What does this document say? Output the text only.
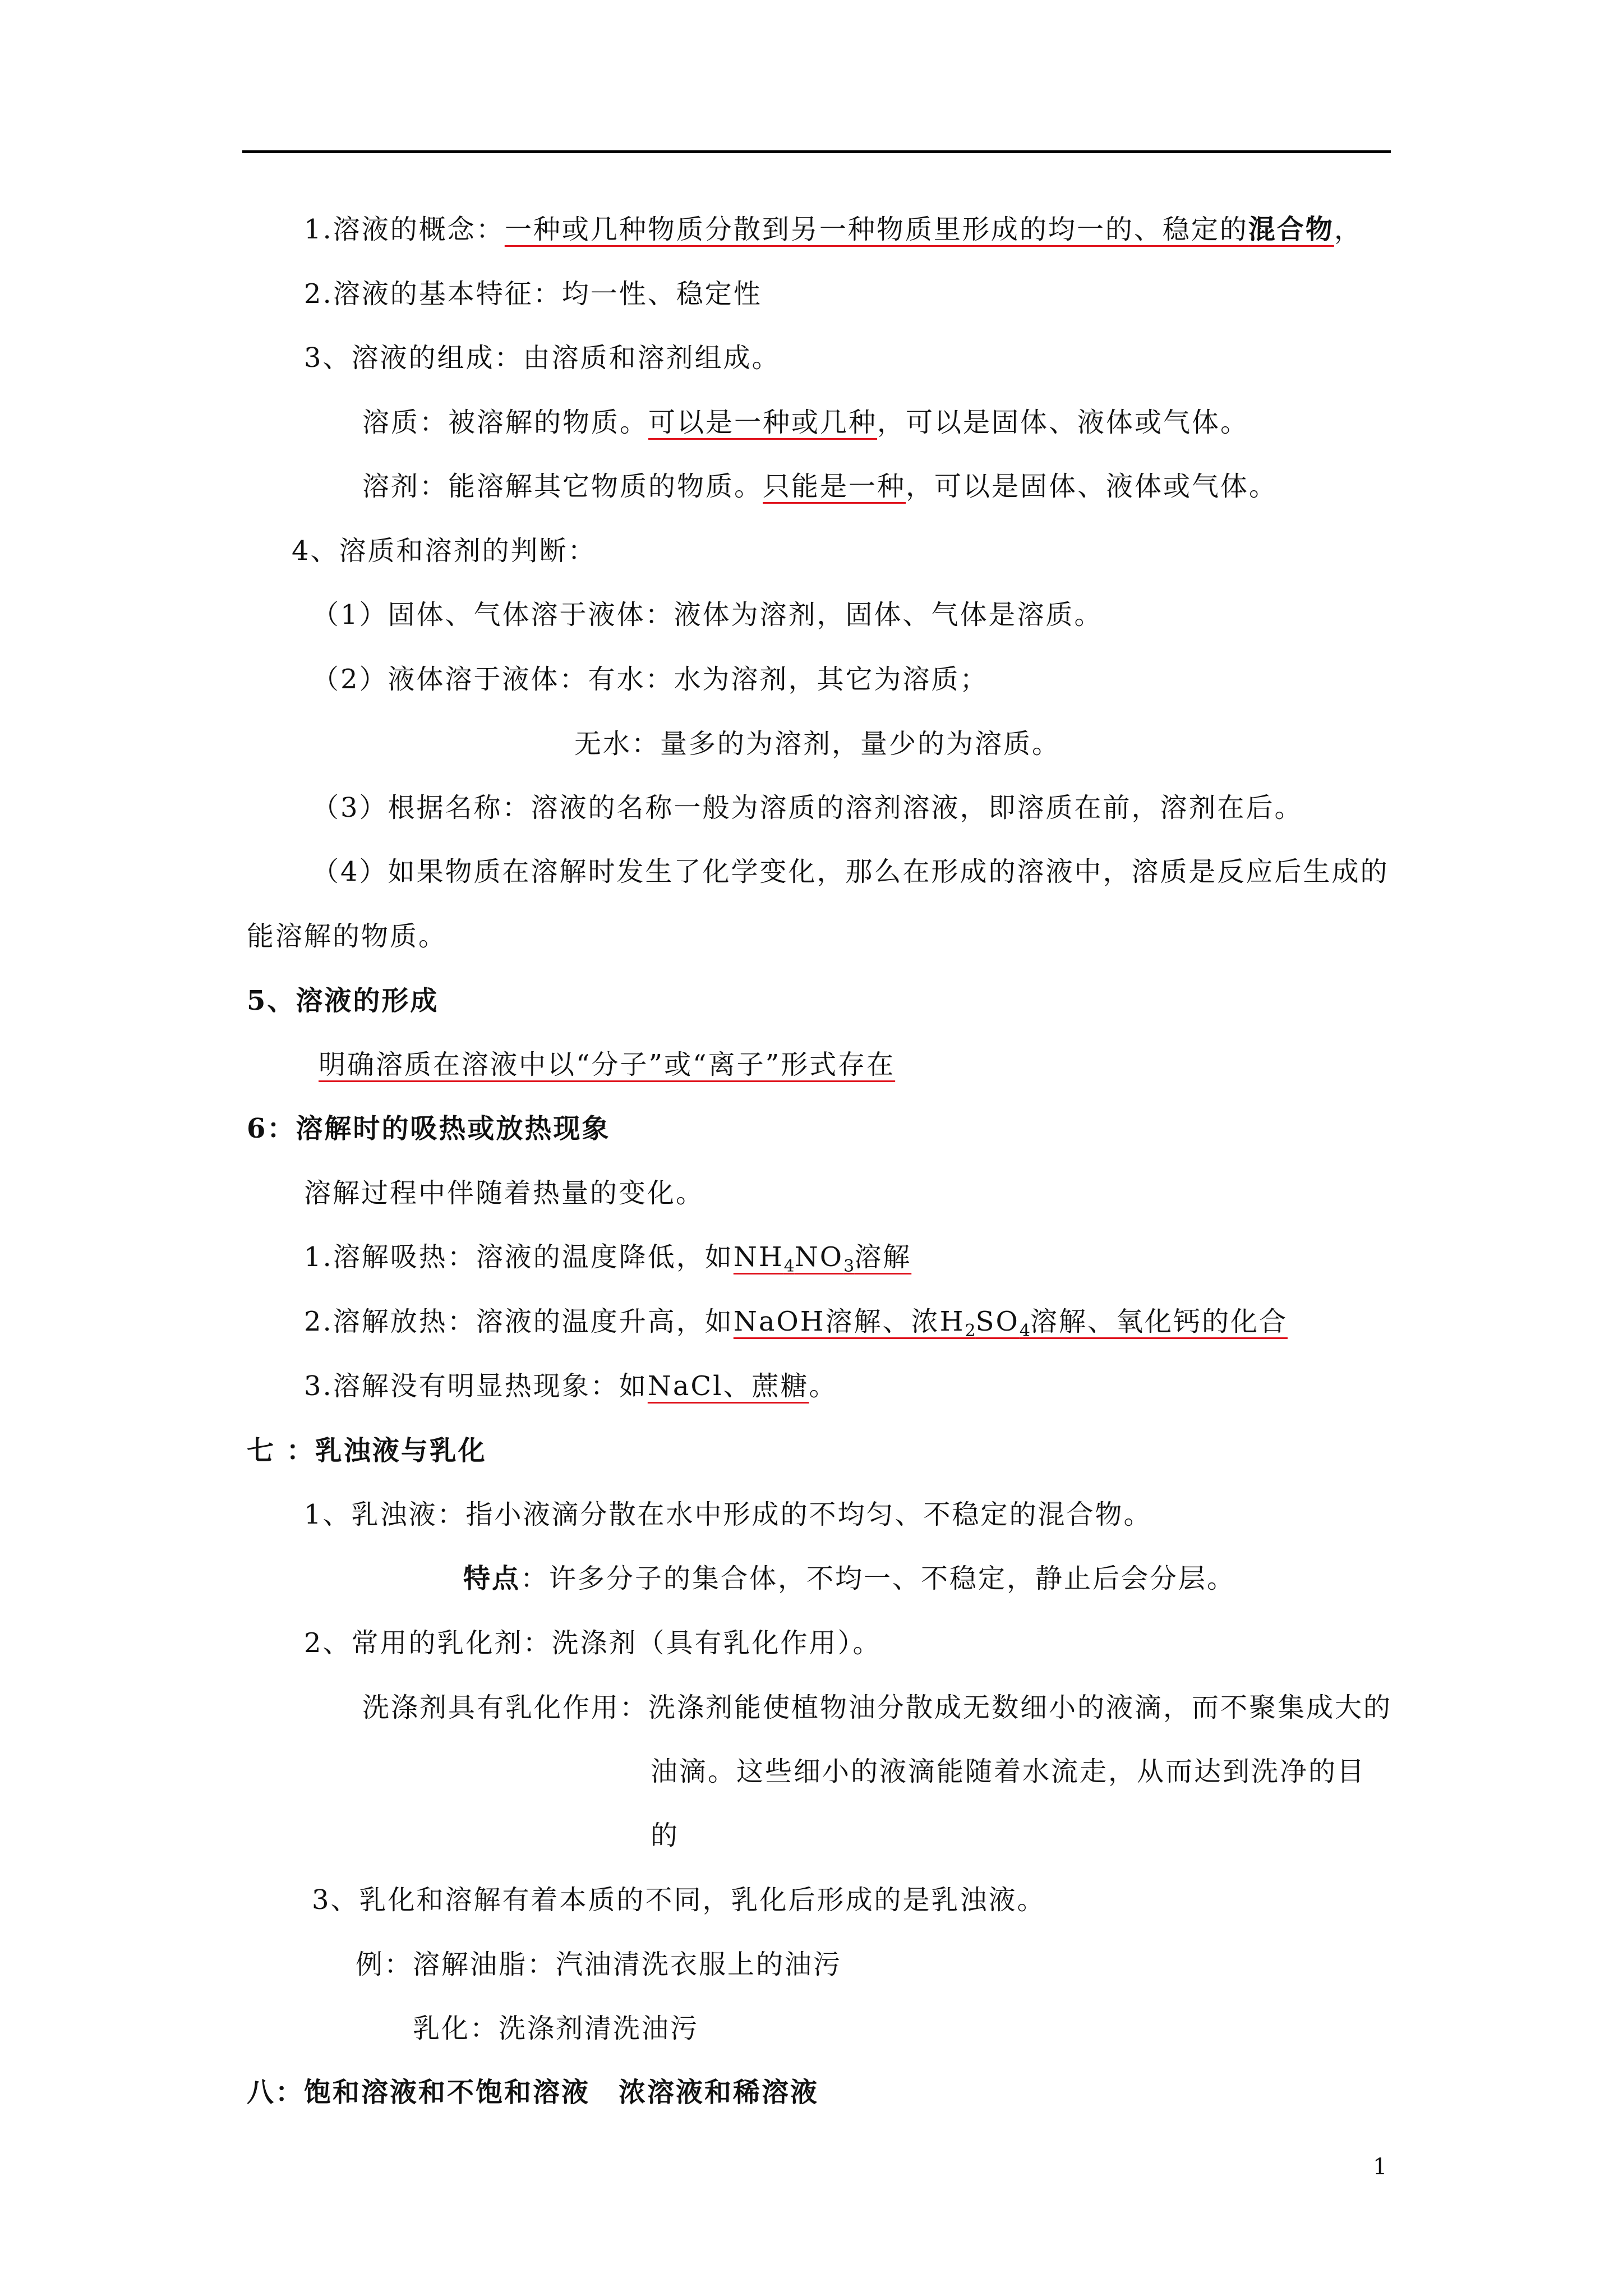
1.溶液的概念：一种或几种物质分散到另一种物质里形成的均一的、稳定的混合物，
2.溶液的基本特征：均一性、稳定性
3、溶液的组成：由溶质和溶剂组成。
溶质：被溶解的物质。可以是一种或几种，可以是固体、液体或气体。
溶剂：能溶解其它物质的物质。只能是一种，可以是固体、液体或气体。
4、溶质和溶剂的判断：
（1）固体、气体溶于液体：液体为溶剂，固体、气体是溶质。
（2）液体溶于液体：有水：水为溶剂，其它为溶质；
无水：量多的为溶剂，量少的为溶质。
（3）根据名称：溶液的名称一般为溶质的溶剂溶液，即溶质在前，溶剂在后。
（4）如果物质在溶解时发生了化学变化，那么在形成的溶液中，溶质是反应后生成的
能溶解的物质。
5、溶液的形成
明确溶质在溶液中以“分子”或“离子”形式存在
6：溶解时的吸热或放热现象
溶解过程中伴随着热量的变化。
1.溶解吸热：溶液的温度降低，如$NH_4NO_3$溶解
2.溶解放热：溶液的温度升高，如NaOH溶解、浓$H_2SO_4$溶解、氧化钙的化合
3.溶解没有明显热现象：如NaCl、蔗糖。
七 ：乳浊液与乳化
1、乳浊液：指小液滴分散在水中形成的不均匀、不稳定的混合物。
特点：许多分子的集合体，不均一、不稳定，静止后会分层。
2、常用的乳化剂：洗涤剂（具有乳化作用）。
洗涤剂具有乳化作用：洗涤剂能使植物油分散成无数细小的液滴，而不聚集成大的
油滴。这些细小的液滴能随着水流走，从而达到洗净的目
的
3、乳化和溶解有着本质的不同，乳化后形成的是乳浊液。
例：溶解油脂：汽油清洗衣服上的油污
乳化：洗涤剂清洗油污
八：饱和溶液和不饱和溶液　浓溶液和稀溶液
1
